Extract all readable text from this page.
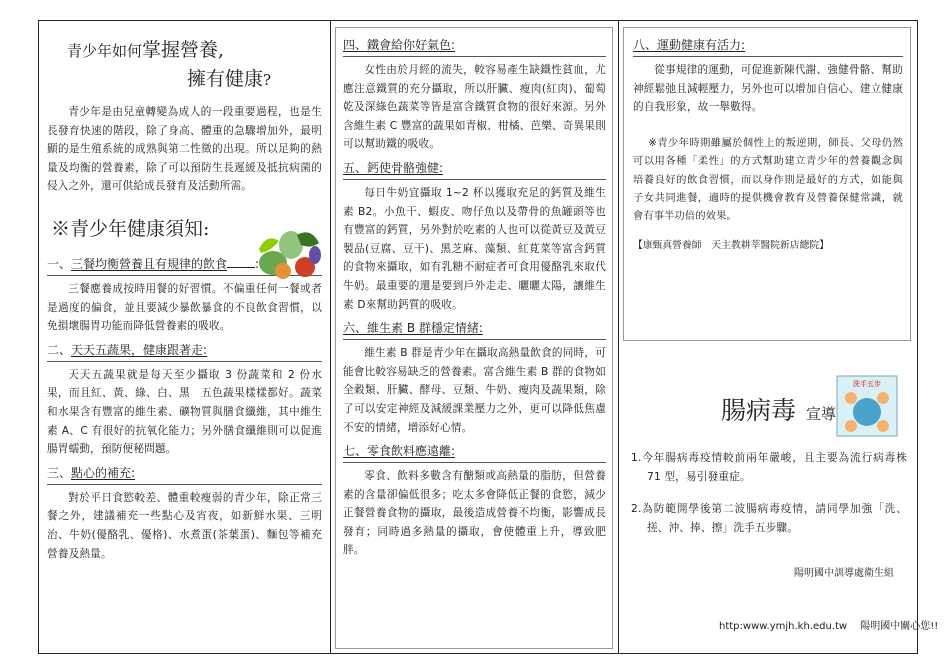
青少年如何掌握營養,
擁有健康?

青少年是由兒童轉變為成人的一段重要過程，也是生長發育快速的階段，除了身高、體重的急驟增加外，最明顯的是生殖系統的成熟與第二性徵的出現。所以足夠的熱量及均衡的營養素，除了可以預防生長遲緩及抵抗病菌的侵入之外，還可供給成長發育及活動所需。

※青少年健康須知:
一、三餐均衡營養且有規律的飲食 :

三餐應養成按時用餐的好習慣。不偏重任何一餐或者是過度的偏食，並且要減少暴飲暴食的不良飲食習慣，以免損壞腸胃功能而降低營養素的吸收。

二、天天五蔬果，健康跟著走:

天天五蔬果就是每天至少攝取 3 份蔬菜和 2 份水果，而且紅、黃、綠、白、黑　五色蔬果樣樣都好。蔬菜和水果含有豐富的維生素、礦物質與膳食纖維，其中維生素 A、C 有很好的抗氧化能力；另外膳食纖維則可以促進腸胃蠕動，預防便秘問題。

三、點心的補充:

對於平日食慾較差、體重較瘦弱的青少年，除正常三餐之外，建議補充一些點心及宵夜，如新鮮水果、三明治、牛奶(優酪乳、優格)、水煮蛋(茶葉蛋)、麵包等補充營養及熱量。

四、鐵會給你好氣色:

女性由於月經的流失，較容易產生缺鐵性貧血，尤應注意鐵質的充分攝取，所以肝臟、瘦肉(紅肉)、葡萄乾及深綠色蔬菜等皆是富含鐵質食物的很好來源。另外含維生素 C 豐富的蔬果如青椒、柑橘、芭樂、奇異果則可以幫助鐵的吸收。

五、鈣使骨骼強健:

每日牛奶宜攝取 1~2 杯以獲取充足的鈣質及維生素 B2。小魚干、蝦皮、吻仔魚以及帶骨的魚罐頭等也有豐富的鈣質，另外對於吃素的人也可以從黃豆及黃豆製品(豆腐、豆干)、黑芝麻、藻類、紅莧菜等富含鈣質的食物來攝取，如有乳糖不耐症者可食用優酪乳來取代牛奶。最重要的還是要到戶外走走、曬曬太陽，讓維生素 D來幫助鈣質的吸收。

六、維生素 B 群穩定情緒:

維生素 B 群是青少年在攝取高熱量飲食的同時，可能會比較容易缺乏的營養素。富含維生素 B 群的食物如全穀類、肝臟、酵母、豆類、牛奶、瘦肉及蔬果類，除了可以安定神經及減緩課業壓力之外，更可以降低焦慮不安的情緒，增添好心情。

七、零食飲料應遠離:

零食、飲料多數含有醣類或高熱量的脂肪，但營養素的含量卻偏低很多；吃太多會降低正餐的食慾，減少正餐營養食物的攝取，最後造成營養不均衡，影響成長發育；同時過多熱量的攝取，會使體重上升，導致肥胖。

八、運動健康有活力:

從事規律的運動，可促進新陳代謝、強健骨骼、幫助神經鬆弛且減輕壓力，另外也可以增加自信心、建立健康的自我形象，故一舉數得。

※青少年時期雖屬於個性上的叛逆期，師長、父母仍然可以用各種「柔性」的方式幫助建立青少年的營養觀念與培養良好的飲食習慣，而以身作則是最好的方式，如能與子女共同進餐，適時的提供機會教育及營養保健常識，就會有事半功倍的效果。

【康甄真營養師　天主教耕莘醫院新店總院】
腸病毒 宣導
洗手五步

1.今年腸病毒疫情較前兩年嚴峻，且主要為流行病毒株 71 型，易引發重症。

2.為防範開學後第二波腸病毒疫情，請同學加強「洗、搓、沖、捧、擦」洗手五步驟。

陽明國中訓導處衛生組
http:www.ymjh.kh.edu.tw 陽明國中關心您!!
